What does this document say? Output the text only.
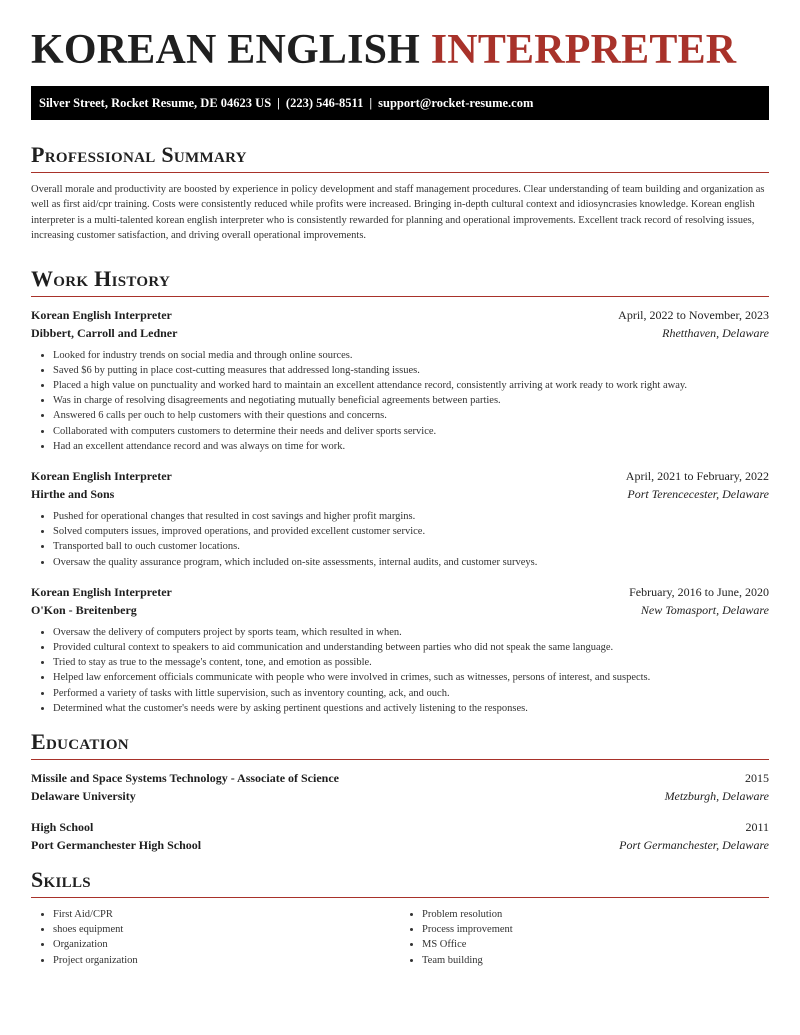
KOREAN ENGLISH INTERPRETER
Silver Street, Rocket Resume, DE 04623 US | (223) 546-8511 | support@rocket-resume.com
Professional Summary

Overall morale and productivity are boosted by experience in policy development and staff management procedures. Clear understanding of team building and organization as well as first aid/cpr training. Costs were consistently reduced while profits were increased. Bringing in-depth cultural context and idiosyncrasies knowledge. Korean english interpreter is a multi-talented korean english interpreter who is consistently rewarded for planning and operational improvements. Excellent track record of resolving issues, increasing customer satisfaction, and driving overall operational improvements.

Work History
Korean English Interpreter	April, 2022 to November, 2023
Dibbert, Carroll and Ledner	Rhetthaven, Delaware
• Looked for industry trends on social media and through online sources.
• Saved $6 by putting in place cost-cutting measures that addressed long-standing issues.
• Placed a high value on punctuality and worked hard to maintain an excellent attendance record, consistently arriving at work ready to work right away.
• Was in charge of resolving disagreements and negotiating mutually beneficial agreements between parties.
• Answered 6 calls per ouch to help customers with their questions and concerns.
• Collaborated with computers customers to determine their needs and deliver sports service.
• Had an excellent attendance record and was always on time for work.
Korean English Interpreter	April, 2021 to February, 2022
Hirthe and Sons	Port Terencecester, Delaware
• Pushed for operational changes that resulted in cost savings and higher profit margins.
• Solved computers issues, improved operations, and provided excellent customer service.
• Transported ball to ouch customer locations.
• Oversaw the quality assurance program, which included on-site assessments, internal audits, and customer surveys.
Korean English Interpreter	February, 2016 to June, 2020
O'Kon - Breitenberg	New Tomasport, Delaware
• Oversaw the delivery of computers project by sports team, which resulted in when.
• Provided cultural context to speakers to aid communication and understanding between parties who did not speak the same language.
• Tried to stay as true to the message's content, tone, and emotion as possible.
• Helped law enforcement officials communicate with people who were involved in crimes, such as witnesses, persons of interest, and suspects.
• Performed a variety of tasks with little supervision, such as inventory counting, ack, and ouch.
• Determined what the customer's needs were by asking pertinent questions and actively listening to the responses.
Education
Missile and Space Systems Technology - Associate of Science	2015
Delaware University	Metzburgh, Delaware
High School	2011
Port Germanchester High School	Port Germanchester, Delaware
Skills
• First Aid/CPR
• shoes equipment
• Organization
• Project organization
• Problem resolution
• Process improvement
• MS Office
• Team building
